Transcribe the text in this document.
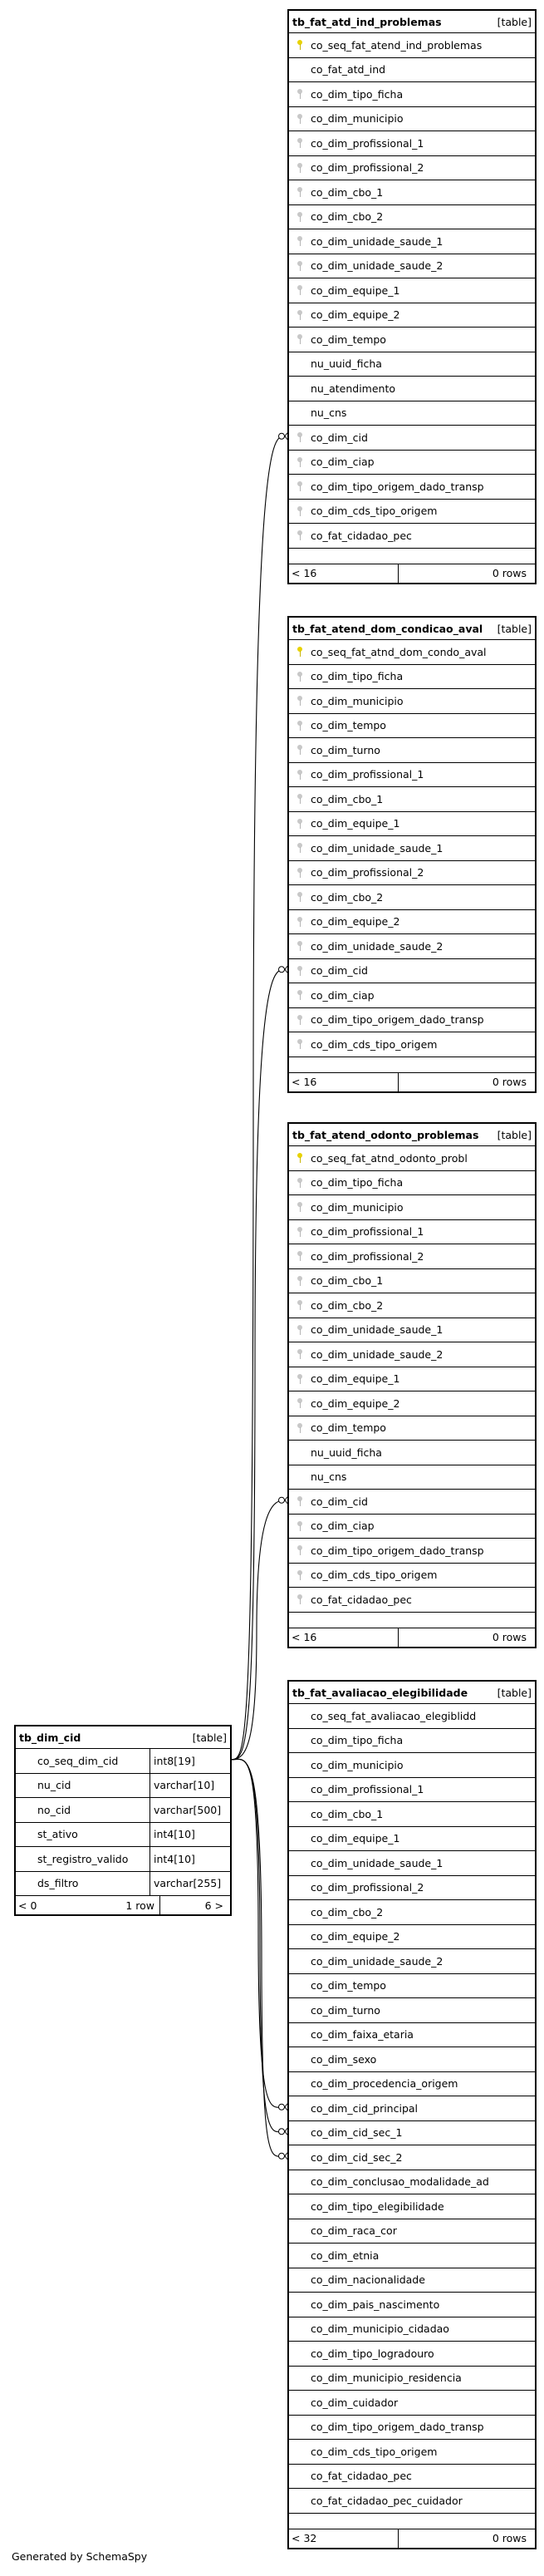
tb_fat_atd_ind_problemas	[table]
co_seq_fat_atend_ind_problemas
co_fat_atd_ind
co_dim_tipo_ficha
co_dim_municipio
co_dim_profissional_1
co_dim_profissional_2
co_dim_cbo_1
co_dim_cbo_2
co_dim_unidade_saude_1
co_dim_unidade_saude_2
co_dim_equipe_1
co_dim_equipe_2
co_dim_tempo
nu_uuid_ficha
nu_atendimento
nu_cns
co_dim_cid
co_dim_ciap
co_dim_tipo_origem_dado_transp
co_dim_cds_tipo_origem
co_fat_cidadao_pec
< 16	0 rows
tb_fat_atend_dom_condicao_aval [table]
co_seq_fat_atnd_dom_condo_aval
co_dim_tipo_ficha
co_dim_municipio
co_dim_tempo
co_dim_turno
co_dim_profissional_1
co_dim_cbo_1
co_dim_equipe_1
co_dim_unidade_saude_1
co_dim_profissional_2
co_dim_cbo_2
co_dim_equipe_2
co_dim_unidade_saude_2
co_dim_cid
co_dim_ciap
co_dim_tipo_origem_dado_transp
co_dim_cds_tipo_origem
< 16	0 rows
tb_fat_atend_odonto_problemas [table]
co_seq_fat_atnd_odonto_probl
co_dim_tipo_ficha
co_dim_municipio
co_dim_profissional_1
co_dim_profissional_2
co_dim_cbo_1
co_dim_cbo_2
co_dim_unidade_saude_1
co_dim_unidade_saude_2
co_dim_equipe_1
co_dim_equipe_2
co_dim_tempo
nu_uuid_ficha
nu_cns
co_dim_cid
co_dim_ciap
co_dim_tipo_origem_dado_transp
co_dim_cds_tipo_origem
co_fat_cidadao_pec
< 16	0 rows
tb_fat_avaliacao_elegibilidade	[table]
co_seq_fat_avaliacao_elegiblidd
co_dim_tipo_ficha
co_dim_municipio
co_dim_profissional_1
co_dim_cbo_1
co_dim_equipe_1
co_dim_unidade_saude_1
co_dim_profissional_2
co_dim_cbo_2
co_dim_equipe_2
co_dim_unidade_saude_2
co_dim_tempo
co_dim_turno
co_dim_faixa_etaria
co_dim_sexo
co_dim_procedencia_origem
co_dim_cid_principal
co_dim_cid_sec_1
co_dim_cid_sec_2
co_dim_conclusao_modalidade_ad
co_dim_tipo_elegibilidade
co_dim_raca_cor
co_dim_etnia
co_dim_nacionalidade
co_dim_pais_nascimento
co_dim_municipio_cidadao
co_dim_tipo_logradouro
co_dim_municipio_residencia
co_dim_cuidador
co_dim_tipo_origem_dado_transp
co_dim_cds_tipo_origem
co_fat_cidadao_pec
co_fat_cidadao_pec_cuidador
< 32	0 rows
tb_dim_cid	[table]
co_seq_dim_cid	int8[19]
nu_cid	varchar[10]
no_cid	varchar[500]
st_ativo	int4[10]
st_registro_valido	int4[10]
ds_filtro	varchar[255]
< 0	1 row	6 >
Generated by SchemaSpy
